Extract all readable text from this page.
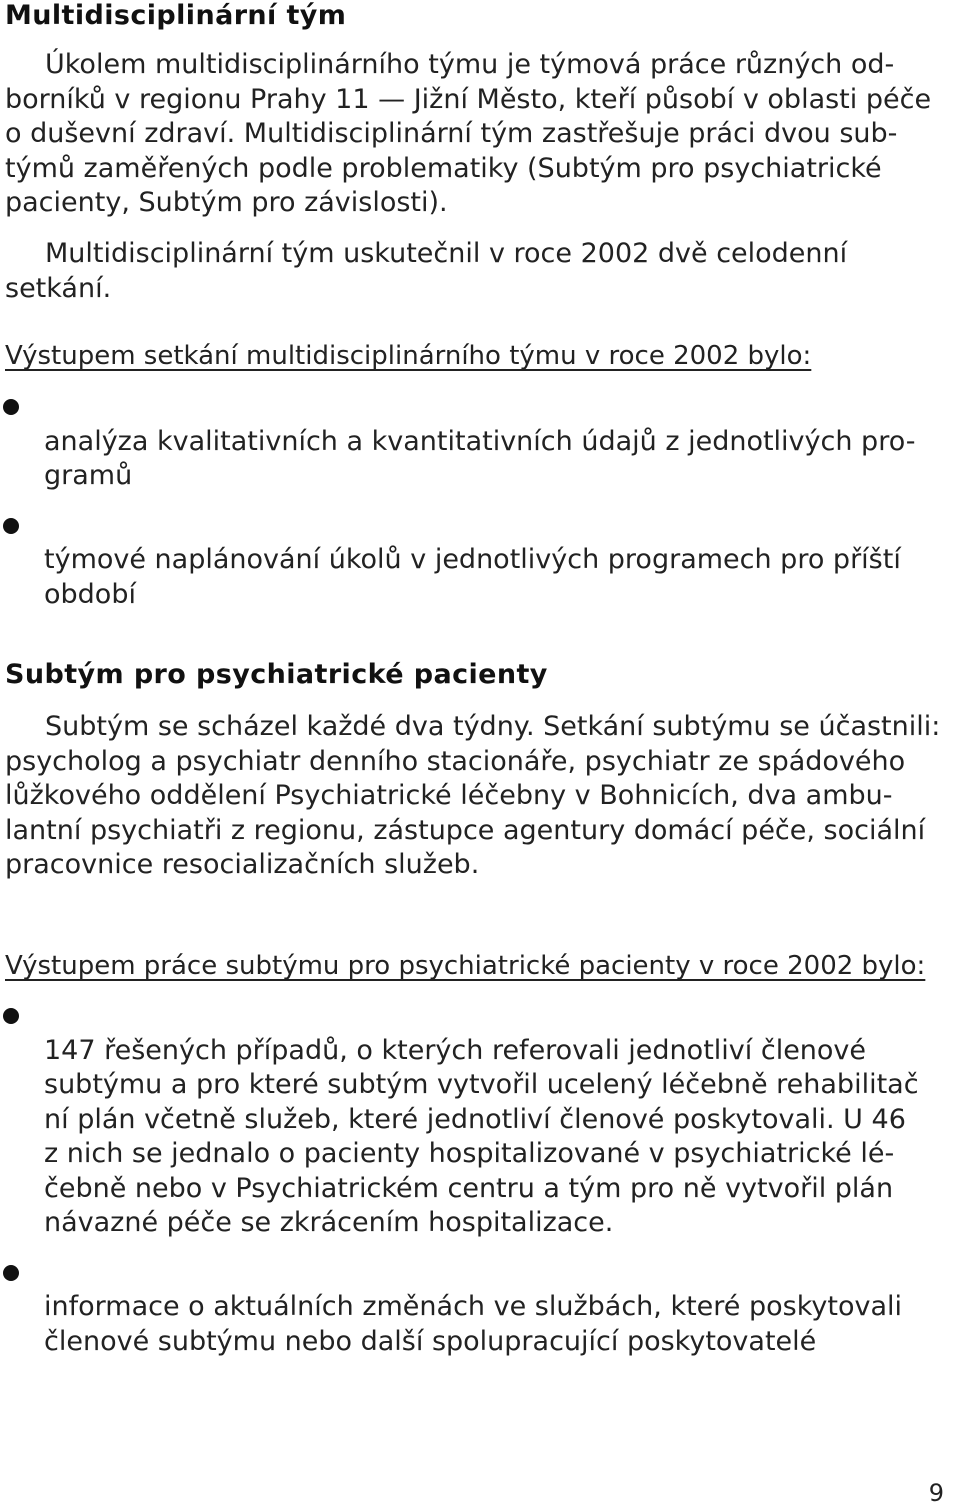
Multidisciplinární tým

Úkolem multidisciplinárního týmu je týmová práce různých od-
borníků v regionu Prahy 11 — Jižní Město, kteří působí v oblasti péče
o duševní zdraví. Multidisciplinární tým zastřešuje práci dvou sub-
týmů zaměřených podle problematiky (Subtým pro psychiatrické
pacienty, Subtým pro závislosti).

Multidisciplinární tým uskutečnil v roce 2002 dvě celodenní setkání.

Výstupem setkání multidisciplinárního týmu v roce 2002 bylo:

analýza kvalitativních a kvantitativních údajů z jednotlivých pro-
gramů

týmové naplánování úkolů v jednotlivých programech pro příští
období

Subtým pro psychiatrické pacienty

Subtým se scházel každé dva týdny. Setkání subtýmu se účastnili:
psycholog a psychiatr denního stacionáře, psychiatr ze spádového
lůžkového oddělení Psychiatrické léčebny v Bohnicích, dva ambu-
lantní psychiatři z regionu, zástupce agentury domácí péče, sociální
pracovnice resocializačních služeb.

Výstupem práce subtýmu pro psychiatrické pacienty v roce 2002 bylo:

147 řešených případů, o kterých referovali jednotliví členové
subtýmu a pro které subtým vytvořil ucelený léčebně rehabilitač
ní plán včetně služeb, které jednotliví členové poskytovali. U 46
z nich se jednalo o pacienty hospitalizované v psychiatrické lé-
čebně nebo v Psychiatrickém centru a tým pro ně vytvořil plán
návazné péče se zkrácením hospitalizace.

informace o aktuálních změnách ve službách, které poskytovali
členové subtýmu nebo další spolupracující poskytovatelé

9
